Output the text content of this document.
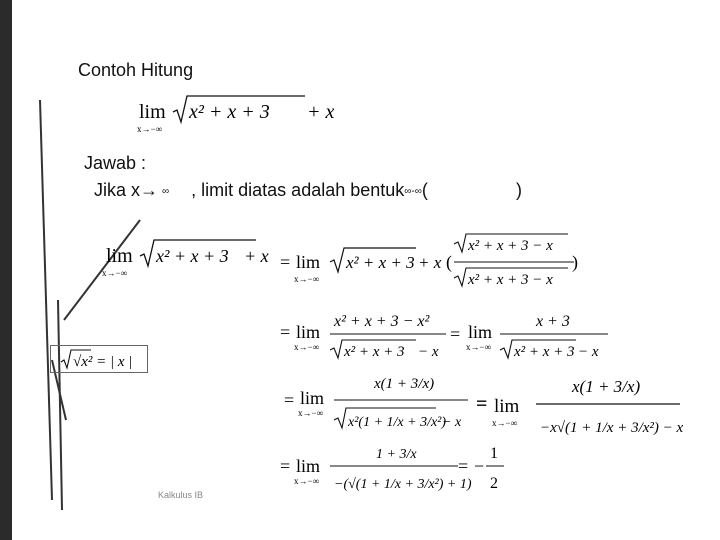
Contoh Hitung
lim
x→−∞
x² + x + 3 + x
Jawab :
Jika x→ ∞ , limit diatas adalah bentuk∞-∞(	)
lim
x→−∞
x² + x + 3 + x = lim
x→−∞
x² + x + 3 + x (
x² + x + 3 − x
x² + x + 3 − x
)
= lim
x→−∞
x² + x + 3 − x²
x² + x + 3 − x
= lim
x→−∞
x + 3
x² + x + 3 − x
√x² = | x |
= lim
x→−∞
x(1 + 3/x)
x²(1 + 1/x + 3/x²)
− x
= lim
x→−∞
x(1 + 3/x)
−x√(1 + 1/x + 3/x²) − x
= lim
x→−∞
1 + 3/x
−(√(1 + 1/x + 3/x²) + 1)
= −
1
2
Kalkulus IB
